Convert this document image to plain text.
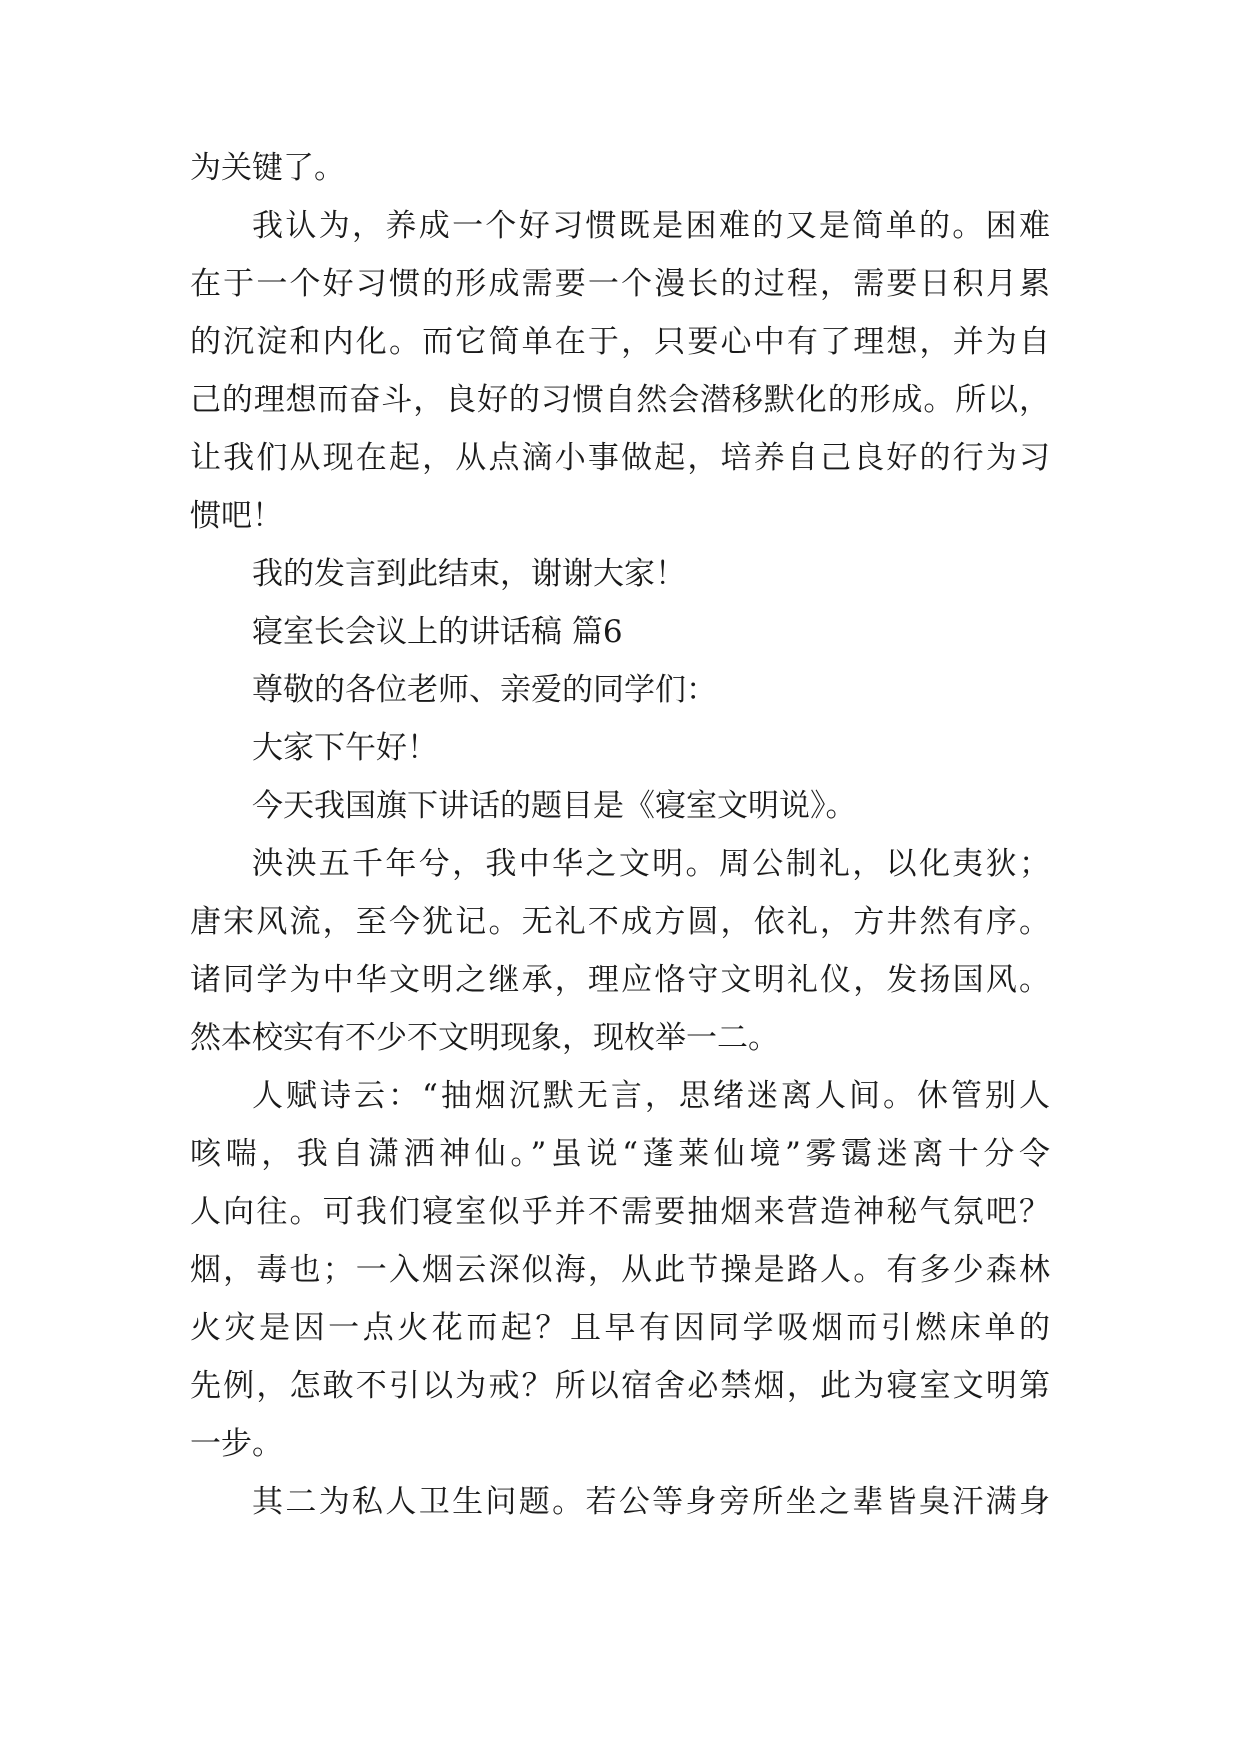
为关键了。
我认为，养成一个好习惯既是困难的又是简单的。困难
在于一个好习惯的形成需要一个漫长的过程，需要日积月累
的沉淀和内化。而它简单在于，只要心中有了理想，并为自
己的理想而奋斗，良好的习惯自然会潜移默化的形成。所以，
让我们从现在起，从点滴小事做起，培养自己良好的行为习
惯吧！
我的发言到此结束，谢谢大家！
寝室长会议上的讲话稿 篇6
尊敬的各位老师、亲爱的同学们：
大家下午好！
今天我国旗下讲话的题目是《寝室文明说》。
泱泱五千年兮，我中华之文明。周公制礼，以化夷狄；
唐宋风流，至今犹记。无礼不成方圆，依礼，方井然有序。
诸同学为中华文明之继承，理应恪守文明礼仪，发扬国风。
然本校实有不少不文明现象，现枚举一二。
人赋诗云：“抽烟沉默无言，思绪迷离人间。休管别人
咳喘，我自潇洒神仙。”虽说“蓬莱仙境”雾霭迷离十分令
人向往。可我们寝室似乎并不需要抽烟来营造神秘气氛吧？
烟，毒也；一入烟云深似海，从此节操是路人。有多少森林
火灾是因一点火花而起？且早有因同学吸烟而引燃床单的
先例，怎敢不引以为戒？所以宿舍必禁烟，此为寝室文明第
一步。
其二为私人卫生问题。若公等身旁所坐之辈皆臭汗满身
